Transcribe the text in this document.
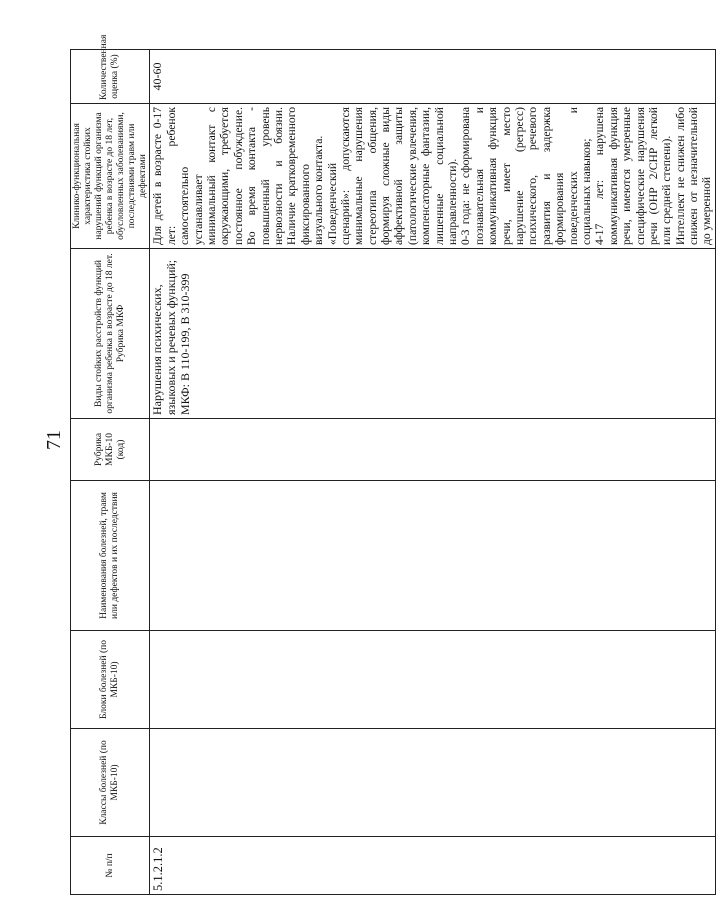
71
№ п/п	Классы болезней (по МКБ-10)	Блоки болезней (по МКБ-10)	Наименования болезней, травм или дефектов и их последствия	Рубрика МКБ-10 (код)	Виды стойких расстройств функций организма ребенка в возрасте до 18 лет. Рубрика МКФ	Клинико-функциональная характеристика стойких нарушений функций организма ребенка в возрасте до 18 лет, обусловленных заболеваниями, последствиями травм или дефектами	Количественная оценка (%)
5.1.2.1.2					Нарушения психических, языковых и речевых функций; МКФ: В 110-199, В 310-399	Для детей в возрасте 0-17 лет: ребенок самостоятельно устанавливает минимальный контакт с окружающими, требуется постоянное побуждение. Во время контакта - повышенный уровень нервозности и боязни. Наличие кратковременного фиксированного визуального контакта. «Поведенческий сценарий»: допускаются минимальные нарушения стереотипа общения, формируя сложные виды аффективной защиты (патологические увлечения, компенсаторные фантазии, лишенные социальной направленности). 0-3 года: не сформирована познавательная и коммуникативная функция речи, имеет место нарушение (регресс) психического, речевого развития и задержка формирования поведенческих и социальных навыков; 4-17 лет: нарушена коммуникативная функция речи, имеются умеренные специфические нарушения речи (ОНР 2/СНР легкой или средней степени). Интеллект не снижен либо снижен от незначительной до умеренной	40-60
